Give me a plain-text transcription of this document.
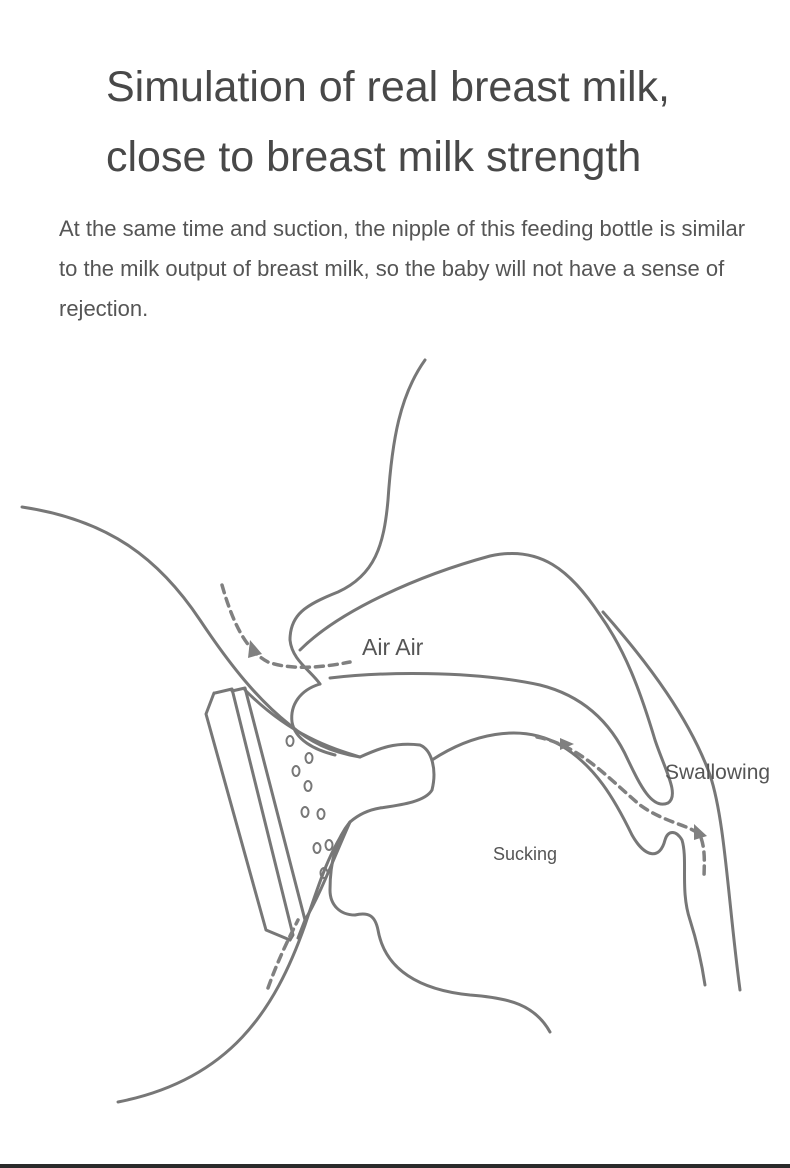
Simulation of real breast milk,
close to breast milk strength

At the same time and suction, the nipple of this feeding bottle is similar to the milk output of breast milk, so the baby will not have a sense of rejection.

Air Air
Swallowing
Sucking
